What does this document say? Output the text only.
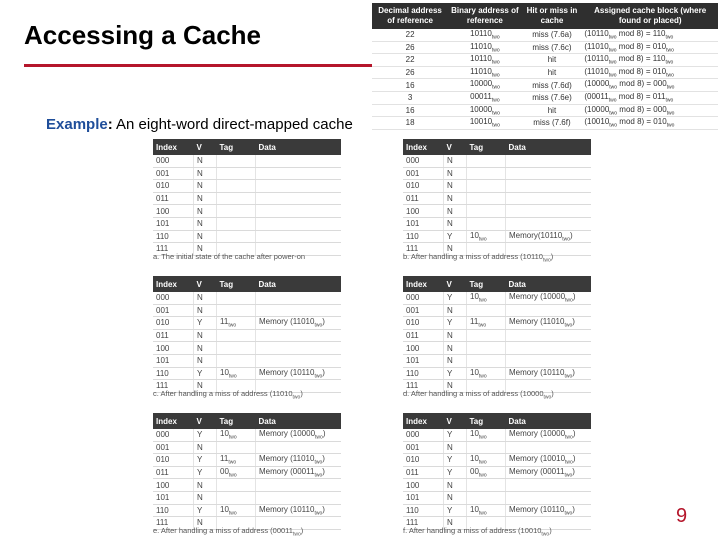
Accessing a Cache
Example: An eight-word direct-mapped cache
Decimal address of reference	Binary address of reference	Hit or miss in cache	Assigned cache block (where found or placed)
22	$10110_{two}$	miss (7.6a)	($10110_{two}$ mod $8) = 110_{two}$
26	$11010_{two}$	miss (7.6c)	($11010_{two}$ mod $8) = 010_{two}$
22	$10110_{two}$	hit	($10110_{two}$ mod $8) = 110_{two}$
26	$11010_{two}$	hit	($11010_{two}$ mod $8) = 010_{two}$
16	$10000_{two}$	miss (7.6d)	($10000_{two}$ mod $8) = 000_{two}$
3	$00011_{two}$	miss (7.6e)	($00011_{two}$ mod $8) = 011_{two}$
16	$10000_{two}$	hit	($10000_{two}$ mod $8) = 000_{two}$
18	$10010_{two}$	miss (7.6f)	($10010_{two}$ mod $8) = 010_{two}$
Index	V	Tag	Data
000	N		
001	N		
010	N		
011	N		
100	N		
101	N		
110	N		
111	N		
a. The initial state of the cache after power-on
Index	V	Tag	Data
000	N		
001	N		
010	N		
011	N		
100	N		
101	N		
110	Y	$10_{two}$	$Memory(10110_{two})$
111	N		
b. After handling a miss of address $(10110_{two})$
Index	V	Tag	Data
000	N		
001	N		
010	Y	$11_{two}$	Memory $(11010_{two})$
011	N		
100	N		
101	N		
110	Y	$10_{two}$	Memory $(10110_{two})$
111	N		
c. After handling a miss of address $(11010_{two})$
Index	V	Tag	Data
000	Y	$10_{two}$	Memory $(10000_{two})$
001	N		
010	Y	$11_{two}$	Memory $(11010_{two})$
011	N		
100	N		
101	N		
110	Y	$10_{two}$	Memory $(10110_{two})$
111	N		
d. After handling a miss of address $(10000_{two})$
Index	V	Tag	Data
000	Y	$10_{two}$	Memory $(10000_{two})$
001	N		
010	Y	$11_{two}$	Memory $(11010_{two})$
011	Y	$00_{two}$	Memory $(00011_{two})$
100	N		
101	N		
110	Y	$10_{two}$	Memory $(10110_{two})$
111	N		
e. After handling a miss of address $(00011_{two})$
Index	V	Tag	Data
000	Y	$10_{two}$	Memory $(10000_{two})$
001	N		
010	Y	$10_{two}$	Memory $(10010_{two})$
011	Y	$00_{two}$	Memory $(00011_{two})$
100	N		
101	N		
110	Y	$10_{two}$	Memory $(10110_{two})$
111	N		
f. After handling a miss of address $(10010_{two})$
9
